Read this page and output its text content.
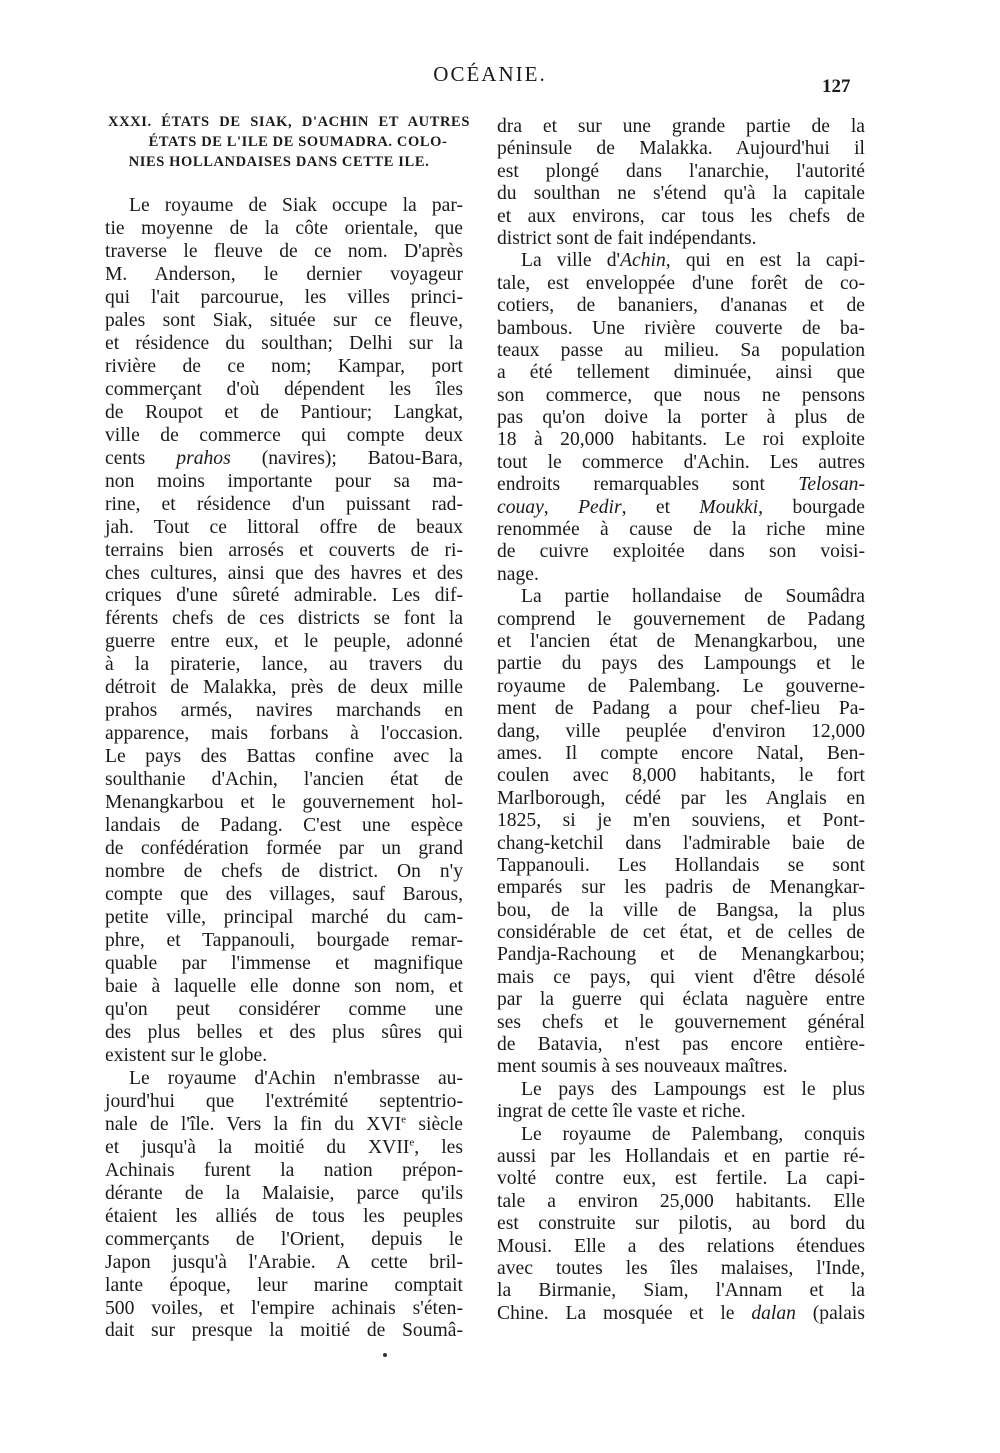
OCÉANIE.
127
XXXI. ÉTATS DE SIAK, D'ACHIN ET AUTRES
ÉTATS DE L'ILE DE SOUMADRA. COLO-
NIES HOLLANDAISES DANS CETTE ILE.
Le royaume de Siak occupe la par-
tie moyenne de la côte orientale, que
traverse le fleuve de ce nom. D'après
M. Anderson, le dernier voyageur
qui l'ait parcourue, les villes princi-
pales sont Siak, située sur ce fleuve,
et résidence du soulthan; Delhi sur la
rivière de ce nom; Kampar, port
commerçant d'où dépendent les îles
de Roupot et de Pantiour; Langkat,
ville de commerce qui compte deux
cents prahos (navires); Batou-Bara,
non moins importante pour sa ma-
rine, et résidence d'un puissant rad-
jah. Tout ce littoral offre de beaux
terrains bien arrosés et couverts de ri-
ches cultures, ainsi que des havres et des
criques d'une sûreté admirable. Les dif-
férents chefs de ces districts se font la
guerre entre eux, et le peuple, adonné
à la piraterie, lance, au travers du
détroit de Malakka, près de deux mille
prahos armés, navires marchands en
apparence, mais forbans à l'occasion.
Le pays des Battas confine avec la
soulthanie d'Achin, l'ancien état de
Menangkarbou et le gouvernement hol-
landais de Padang. C'est une espèce
de confédération formée par un grand
nombre de chefs de district. On n'y
compte que des villages, sauf Barous,
petite ville, principal marché du cam-
phre, et Tappanouli, bourgade remar-
quable par l'immense et magnifique
baie à laquelle elle donne son nom, et
qu'on peut considérer comme une
des plus belles et des plus sûres qui
existent sur le globe.
Le royaume d'Achin n'embrasse au-
jourd'hui que l'extrémité septentrio-
nale de l'île. Vers la fin du XVIe siècle
et jusqu'à la moitié du XVIIe, les
Achinais furent la nation prépon-
dérante de la Malaisie, parce qu'ils
étaient les alliés de tous les peuples
commerçants de l'Orient, depuis le
Japon jusqu'à l'Arabie. A cette bril-
lante époque, leur marine comptait
500 voiles, et l'empire achinais s'éten-
dait sur presque la moitié de Soumâ-
dra et sur une grande partie de la
péninsule de Malakka. Aujourd'hui il
est plongé dans l'anarchie, l'autorité
du soulthan ne s'étend qu'à la capitale
et aux environs, car tous les chefs de
district sont de fait indépendants.
La ville d'Achin, qui en est la capi-
tale, est enveloppée d'une forêt de co-
cotiers, de bananiers, d'ananas et de
bambous. Une rivière couverte de ba-
teaux passe au milieu. Sa population
a été tellement diminuée, ainsi que
son commerce, que nous ne pensons
pas qu'on doive la porter à plus de
18 à 20,000 habitants. Le roi exploite
tout le commerce d'Achin. Les autres
endroits remarquables sont Telosan-
couay, Pedir, et Moukki, bourgade
renommée à cause de la riche mine
de cuivre exploitée dans son voisi-
nage.
La partie hollandaise de Soumâdra
comprend le gouvernement de Padang
et l'ancien état de Menangkarbou, une
partie du pays des Lampoungs et le
royaume de Palembang. Le gouverne-
ment de Padang a pour chef-lieu Pa-
dang, ville peuplée d'environ 12,000
ames. Il compte encore Natal, Ben-
coulen avec 8,000 habitants, le fort
Marlborough, cédé par les Anglais en
1825, si je m'en souviens, et Pont-
chang-ketchil dans l'admirable baie de
Tappanouli. Les Hollandais se sont
emparés sur les padris de Menangkar-
bou, de la ville de Bangsa, la plus
considérable de cet état, et de celles de
Pandja-Rachoung et de Menangkarbou;
mais ce pays, qui vient d'être désolé
par la guerre qui éclata naguère entre
ses chefs et le gouvernement général
de Batavia, n'est pas encore entière-
ment soumis à ses nouveaux maîtres.
Le pays des Lampoungs est le plus
ingrat de cette île vaste et riche.
Le royaume de Palembang, conquis
aussi par les Hollandais et en partie ré-
volté contre eux, est fertile. La capi-
tale a environ 25,000 habitants. Elle
est construite sur pilotis, au bord du
Mousi. Elle a des relations étendues
avec toutes les îles malaises, l'Inde,
la Birmanie, Siam, l'Annam et la
Chine. La mosquée et le dalan (palais
